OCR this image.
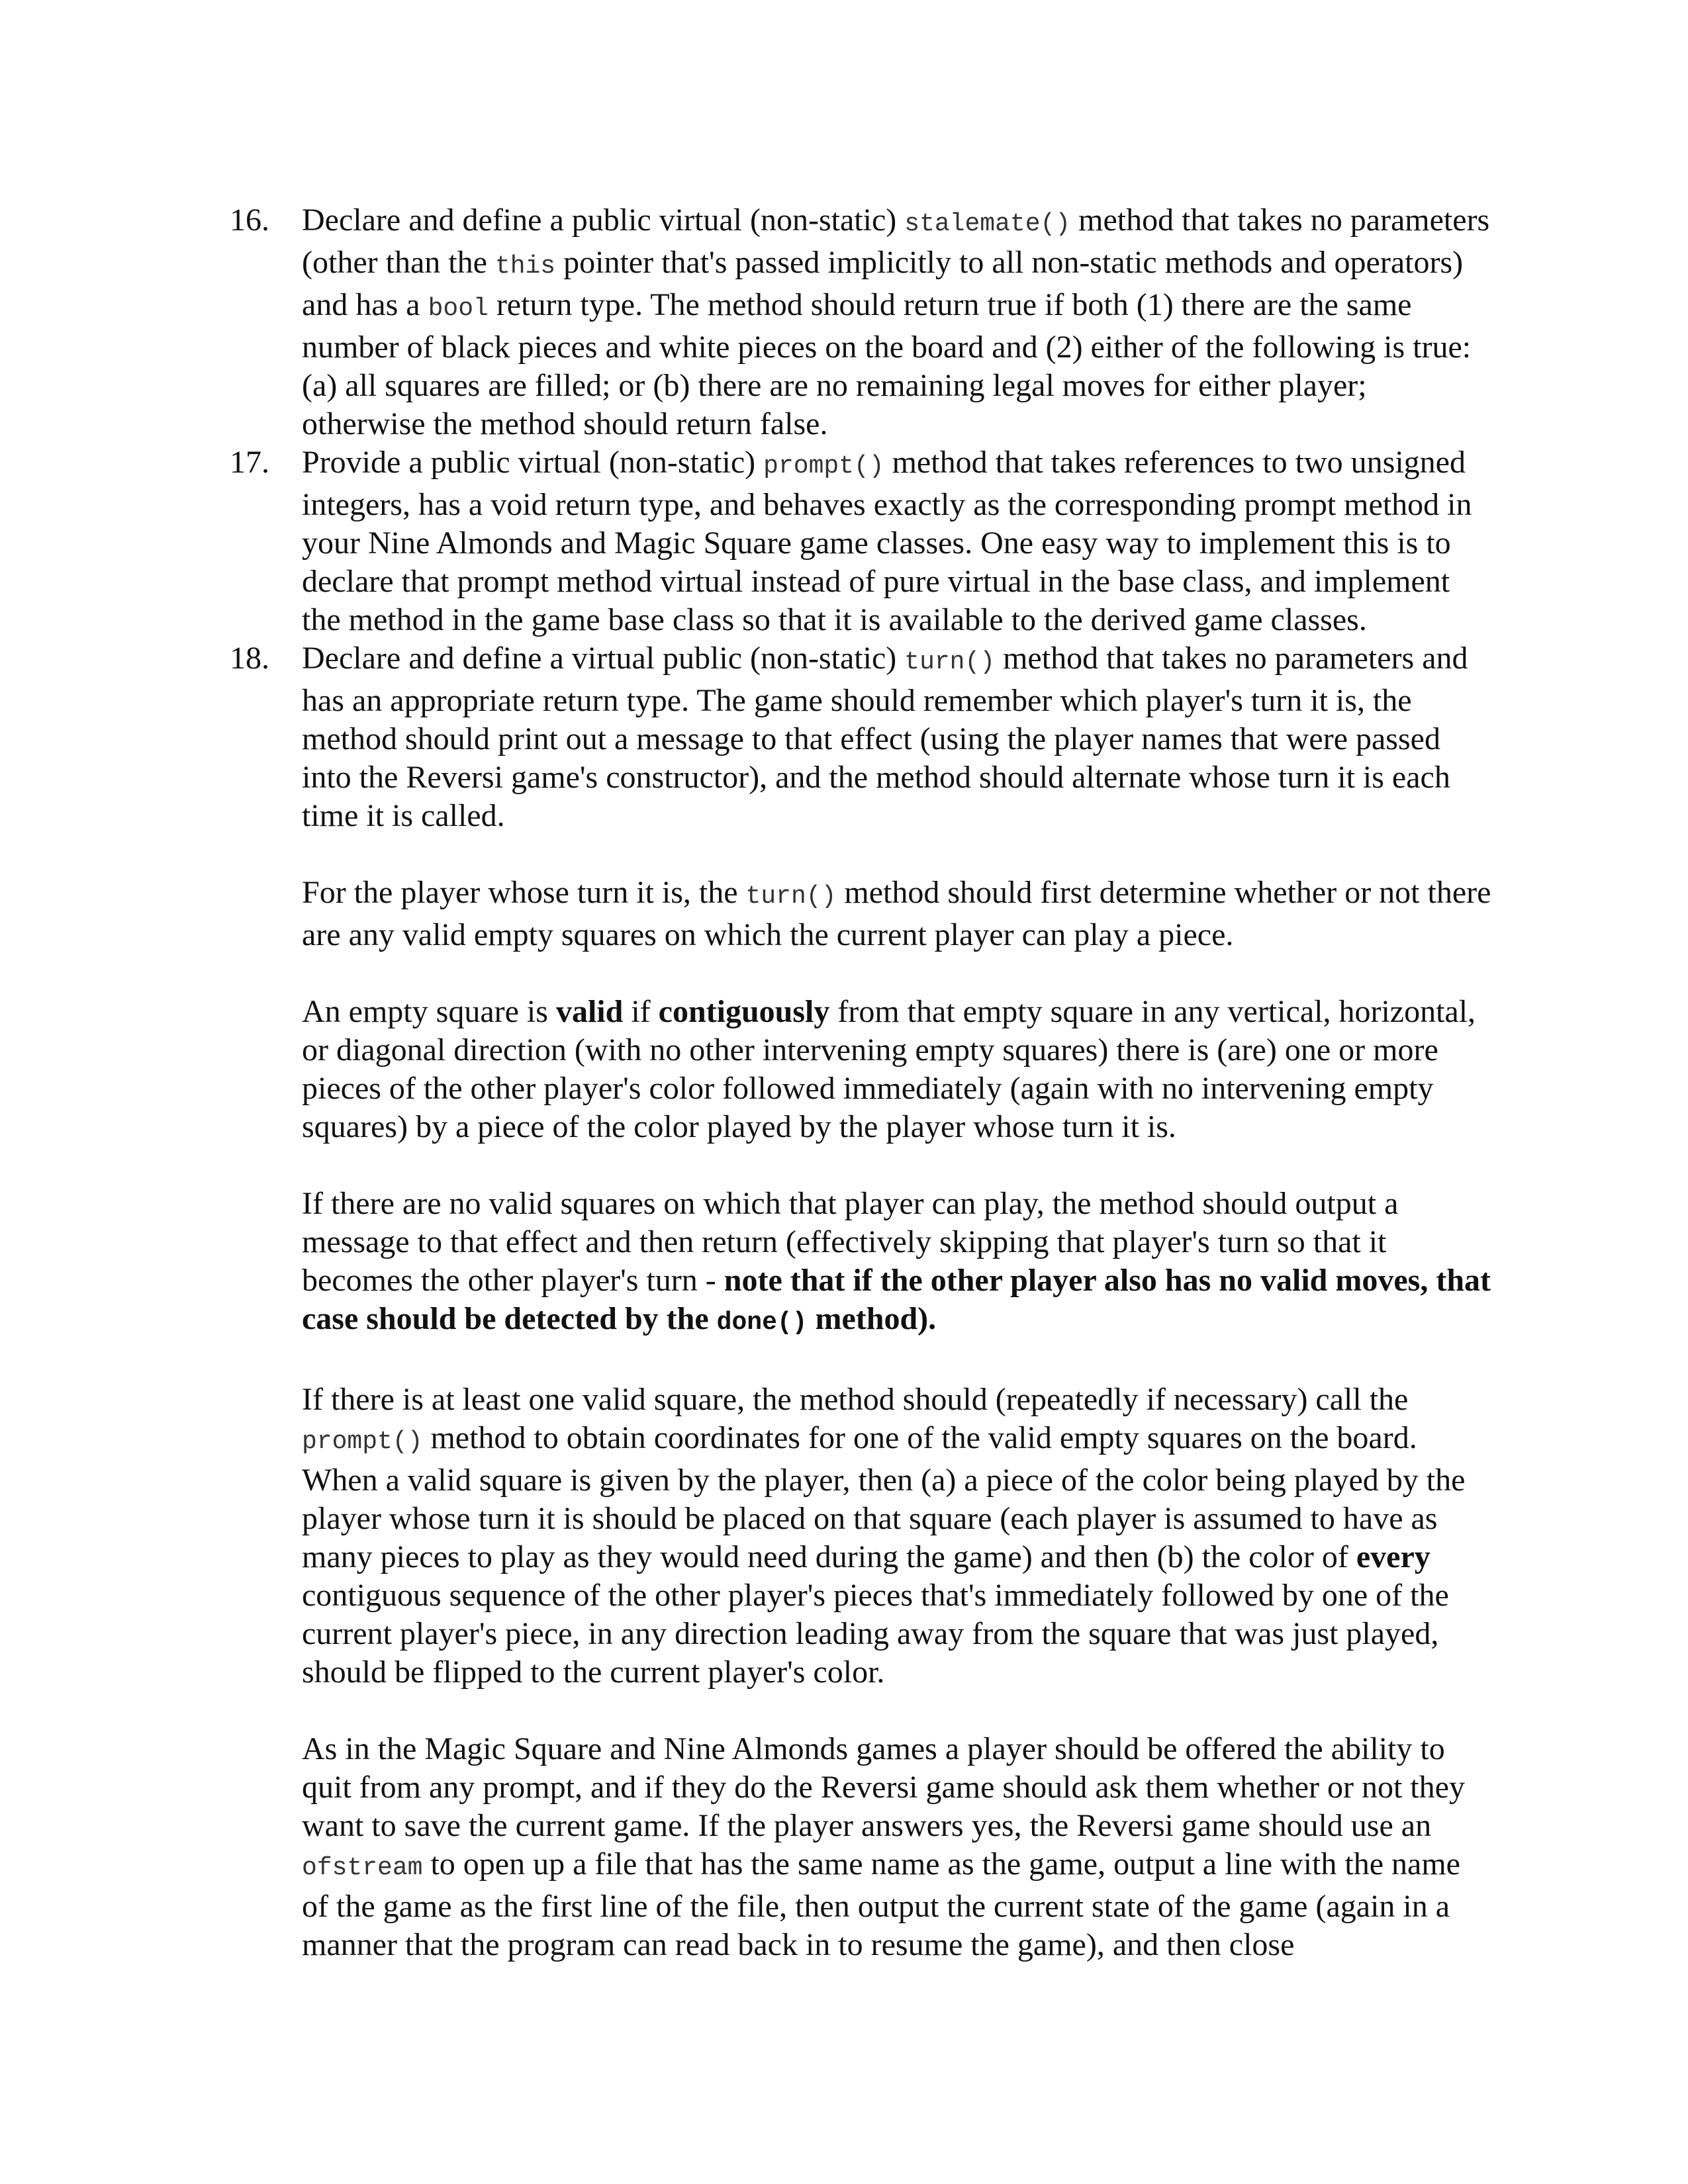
16.	Declare and define a public virtual (non-static) stalemate() method that takes no parameters (other than the this pointer that's passed implicitly to all non-static methods and operators) and has a bool return type. The method should return true if both (1) there are the same number of black pieces and white pieces on the board and (2) either of the following is true: (a) all squares are filled; or (b) there are no remaining legal moves for either player; otherwise the method should return false.

17.	Provide a public virtual (non-static) prompt() method that takes references to two unsigned integers, has a void return type, and behaves exactly as the corresponding prompt method in your Nine Almonds and Magic Square game classes. One easy way to implement this is to declare that prompt method virtual instead of pure virtual in the base class, and implement the method in the game base class so that it is available to the derived game classes.

18.	Declare and define a virtual public (non-static) turn() method that takes no parameters and has an appropriate return type. The game should remember which player's turn it is, the method should print out a message to that effect (using the player names that were passed into the Reversi game's constructor), and the method should alternate whose turn it is each time it is called.

For the player whose turn it is, the turn() method should first determine whether or not there are any valid empty squares on which the current player can play a piece.

An empty square is valid if contiguously from that empty square in any vertical, horizontal, or diagonal direction (with no other intervening empty squares) there is (are) one or more pieces of the other player's color followed immediately (again with no intervening empty squares) by a piece of the color played by the player whose turn it is.

If there are no valid squares on which that player can play, the method should output a message to that effect and then return (effectively skipping that player's turn so that it becomes the other player's turn - note that if the other player also has no valid moves, that case should be detected by the done() method).

If there is at least one valid square, the method should (repeatedly if necessary) call the prompt() method to obtain coordinates for one of the valid empty squares on the board. When a valid square is given by the player, then (a) a piece of the color being played by the player whose turn it is should be placed on that square (each player is assumed to have as many pieces to play as they would need during the game) and then (b) the color of every contiguous sequence of the other player's pieces that's immediately followed by one of the current player's piece, in any direction leading away from the square that was just played, should be flipped to the current player's color.

As in the Magic Square and Nine Almonds games a player should be offered the ability to quit from any prompt, and if they do the Reversi game should ask them whether or not they want to save the current game. If the player answers yes, the Reversi game should use an ofstream to open up a file that has the same name as the game, output a line with the name of the game as the first line of the file, then output the current state of the game (again in a manner that the program can read back in to resume the game), and then close
